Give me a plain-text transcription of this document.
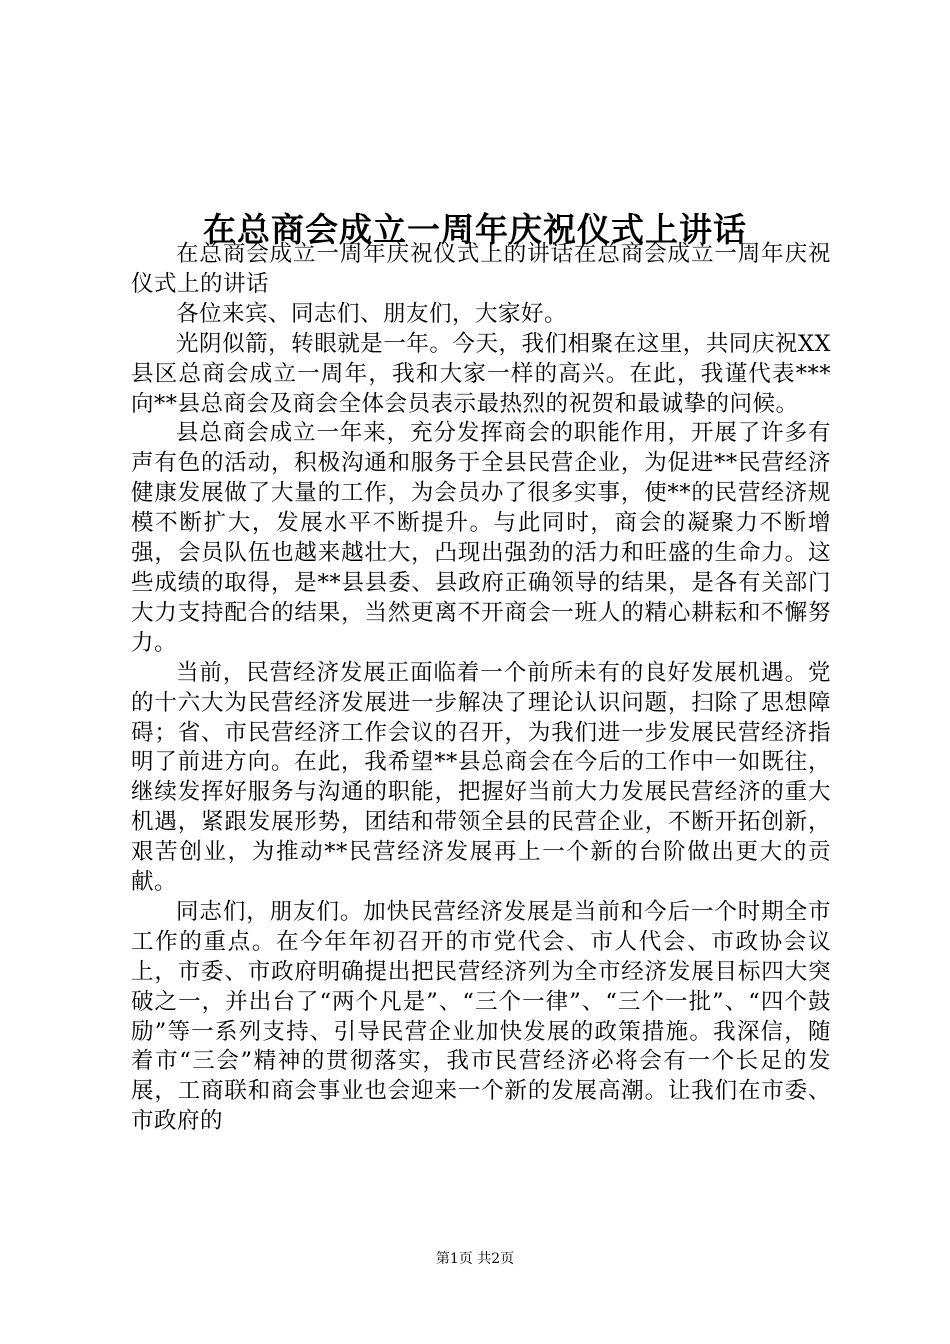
在总商会成立一周年庆祝仪式上讲话

在总商会成立一周年庆祝仪式上的讲话在总商会成立一周年庆祝仪式上的讲话

各位来宾、同志们、朋友们，大家好。

光阴似箭，转眼就是一年。今天，我们相聚在这里，共同庆祝XX县区总商会成立一周年，我和大家一样的高兴。在此，我谨代表***向**县总商会及商会全体会员表示最热烈的祝贺和最诚挚的问候。

县总商会成立一年来，充分发挥商会的职能作用，开展了许多有声有色的活动，积极沟通和服务于全县民营企业，为促进**民营经济健康发展做了大量的工作，为会员办了很多实事，使**的民营经济规模不断扩大，发展水平不断提升。与此同时，商会的凝聚力不断增强，会员队伍也越来越壮大，凸现出强劲的活力和旺盛的生命力。这些成绩的取得，是**县县委、县政府正确领导的结果，是各有关部门大力支持配合的结果，当然更离不开商会一班人的精心耕耘和不懈努力。

当前，民营经济发展正面临着一个前所未有的良好发展机遇。党的十六大为民营经济发展进一步解决了理论认识问题，扫除了思想障碍；省、市民营经济工作会议的召开，为我们进一步发展民营经济指明了前进方向。在此，我希望**县总商会在今后的工作中一如既往，继续发挥好服务与沟通的职能，把握好当前大力发展民营经济的重大机遇，紧跟发展形势，团结和带领全县的民营企业，不断开拓创新，艰苦创业，为推动**民营经济发展再上一个新的台阶做出更大的贡献。

同志们，朋友们。加快民营经济发展是当前和今后一个时期全市工作的重点。在今年年初召开的市党代会、市人代会、市政协会议上，市委、市政府明确提出把民营经济列为全市经济发展目标四大突破之一，并出台了“两个凡是”、“三个一律”、“三个一批”、“四个鼓励”等一系列支持、引导民营企业加快发展的政策措施。我深信，随着市“三会”精神的贯彻落实，我市民营经济必将会有一个长足的发展，工商联和商会事业也会迎来一个新的发展高潮。让我们在市委、市政府的

第1页 共2页
